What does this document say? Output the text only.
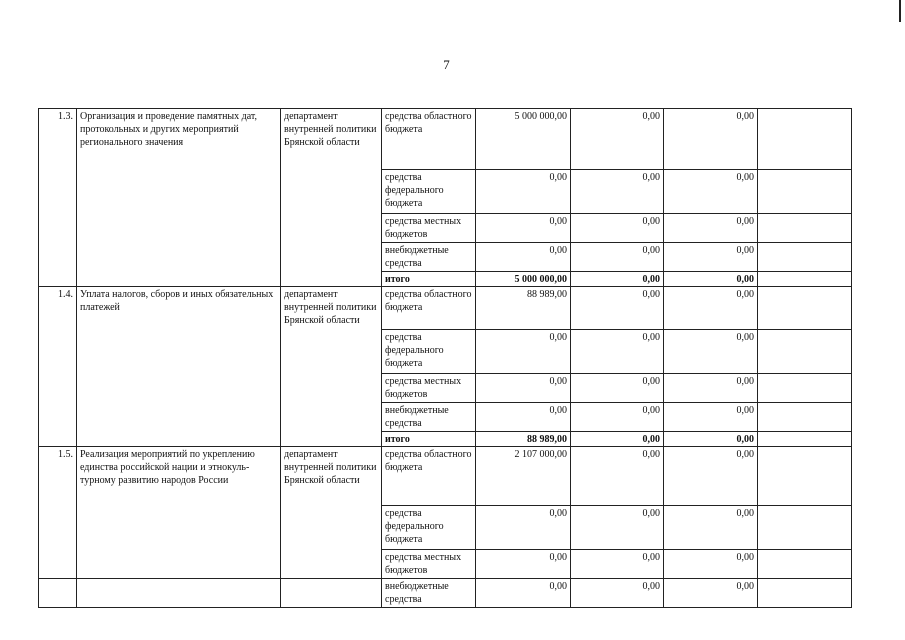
7
1.3.	Организация и проведение памятных дат, протокольных и других мероприятий регионального значения	департамент внутренней политики Брянской области	средства областного бюджета	5 000 000,00	0,00	0,00	
			средства федерального бюджета	0,00	0,00	0,00	
			средства местных бюджетов	0,00	0,00	0,00	
			внебюджетные средства	0,00	0,00	0,00	
			итого	5 000 000,00	0,00	0,00	
1.4.	Уплата налогов, сборов и иных обязательных платежей	департамент внутренней политики Брянской области	средства областного бюджета	88 989,00	0,00	0,00	
			средства федерального бюджета	0,00	0,00	0,00	
			средства местных бюджетов	0,00	0,00	0,00	
			внебюджетные средства	0,00	0,00	0,00	
			итого	88 989,00	0,00	0,00	
1.5.	Реализация мероприятий по укреплению единства российской нации и этнокуль-турному развитию народов России	департамент внутренней политики Брянской области	средства областного бюджета	2 107 000,00	0,00	0,00	
			средства федерального бюджета	0,00	0,00	0,00	
			средства местных бюджетов	0,00	0,00	0,00	
			внебюджетные средства	0,00	0,00	0,00	
